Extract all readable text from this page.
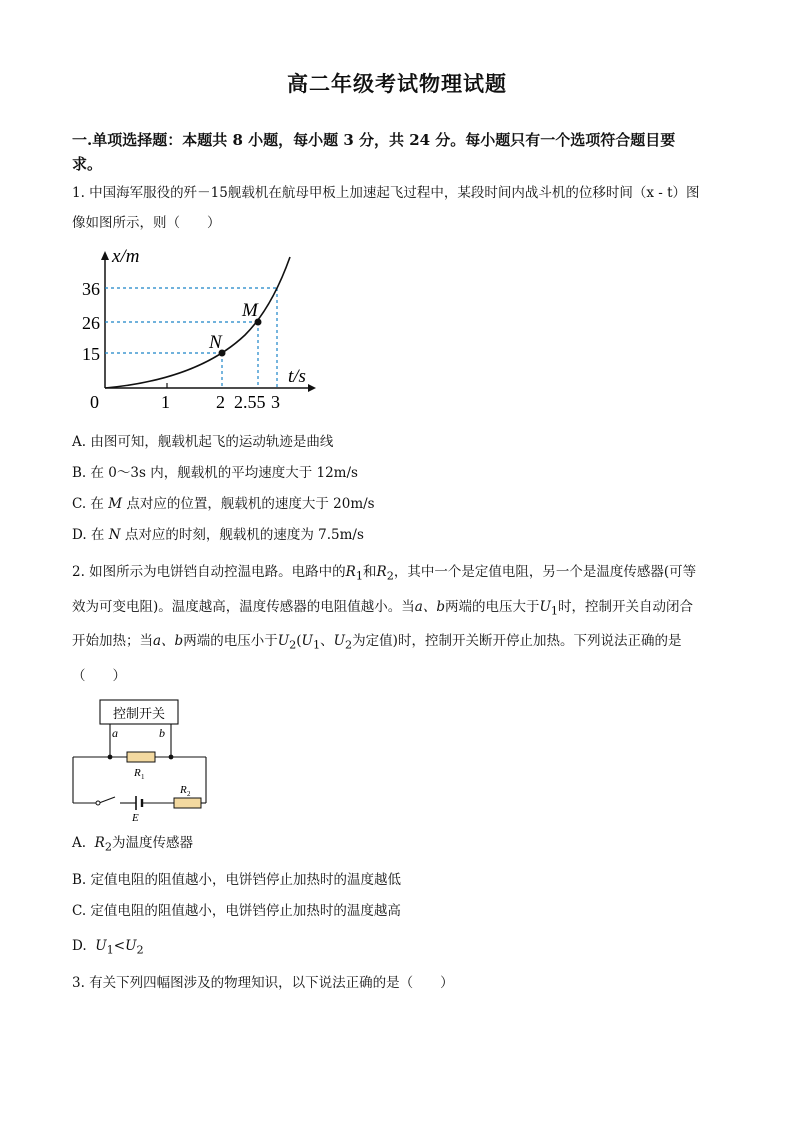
高二年级考试物理试题
一.单项选择题：本题共 8 小题，每小题 3 分，共 24 分。每小题只有一个选项符合题目要
求。
1. 中国海军服役的歼－15舰载机在航母甲板上加速起飞过程中，某段时间内战斗机的位移时间（x - t）图
像如图所示，则（　　）
x/m
t/s
36
26
15
0	1	2 2.55 3
M
N
A. 由图可知，舰载机起飞的运动轨迹是曲线
B. 在 0～3s 内，舰载机的平均速度大于 12m/s
C. 在 M 点对应的位置，舰载机的速度大于 20m/s
D. 在 N 点对应的时刻，舰载机的速度为 7.5m/s
2. 如图所示为电饼铛自动控温电路。电路中的$R_1$和$R_2$，其中一个是定值电阻，另一个是温度传感器(可等
效为可变电阻)。温度越高，温度传感器的电阻值越小。当a、b两端的电压大于$U_1$时，控制开关自动闭合
开始加热；当a、b两端的电压小于$U_2(U_1$、$U_2$为定值)时，控制开关断开停止加热。下列说法正确的是
（　　）
控制开关
a	b
R 1
R 2
E
A. $R_2$为温度传感器
B. 定值电阻的阻值越小，电饼铛停止加热时的温度越低
C. 定值电阻的阻值越小，电饼铛停止加热时的温度越高
D. $U_1<U_2$
3. 有关下列四幅图涉及的物理知识，以下说法正确的是（　　）
